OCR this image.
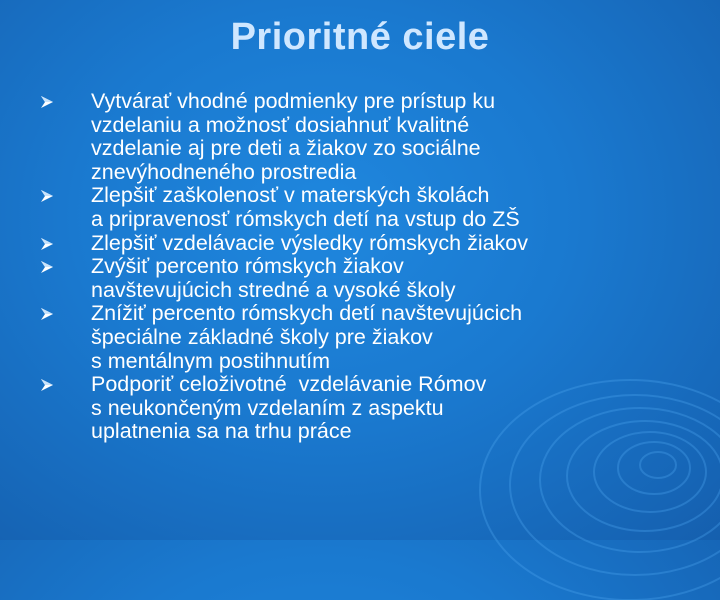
Prioritné ciele
Vytvárať vhodné podmienky pre prístup ku
vzdelaniu a možnosť dosiahnuť kvalitné
vzdelanie aj pre deti a žiakov zo sociálne
znevýhodneného prostredia
Zlepšiť zaškolenosť v materských školách
a pripravenosť rómskych detí na vstup do ZŠ
Zlepšiť vzdelávacie výsledky rómskych žiakov
Zvýšiť percento rómskych žiakov
navštevujúcich stredné a vysoké školy
Znížiť percento rómskych detí navštevujúcich
špeciálne základné školy pre žiakov
s mentálnym postihnutím
Podporiť celoživotné  vzdelávanie Rómov
s neukončeným vzdelaním z aspektu
uplatnenia sa na trhu práce
